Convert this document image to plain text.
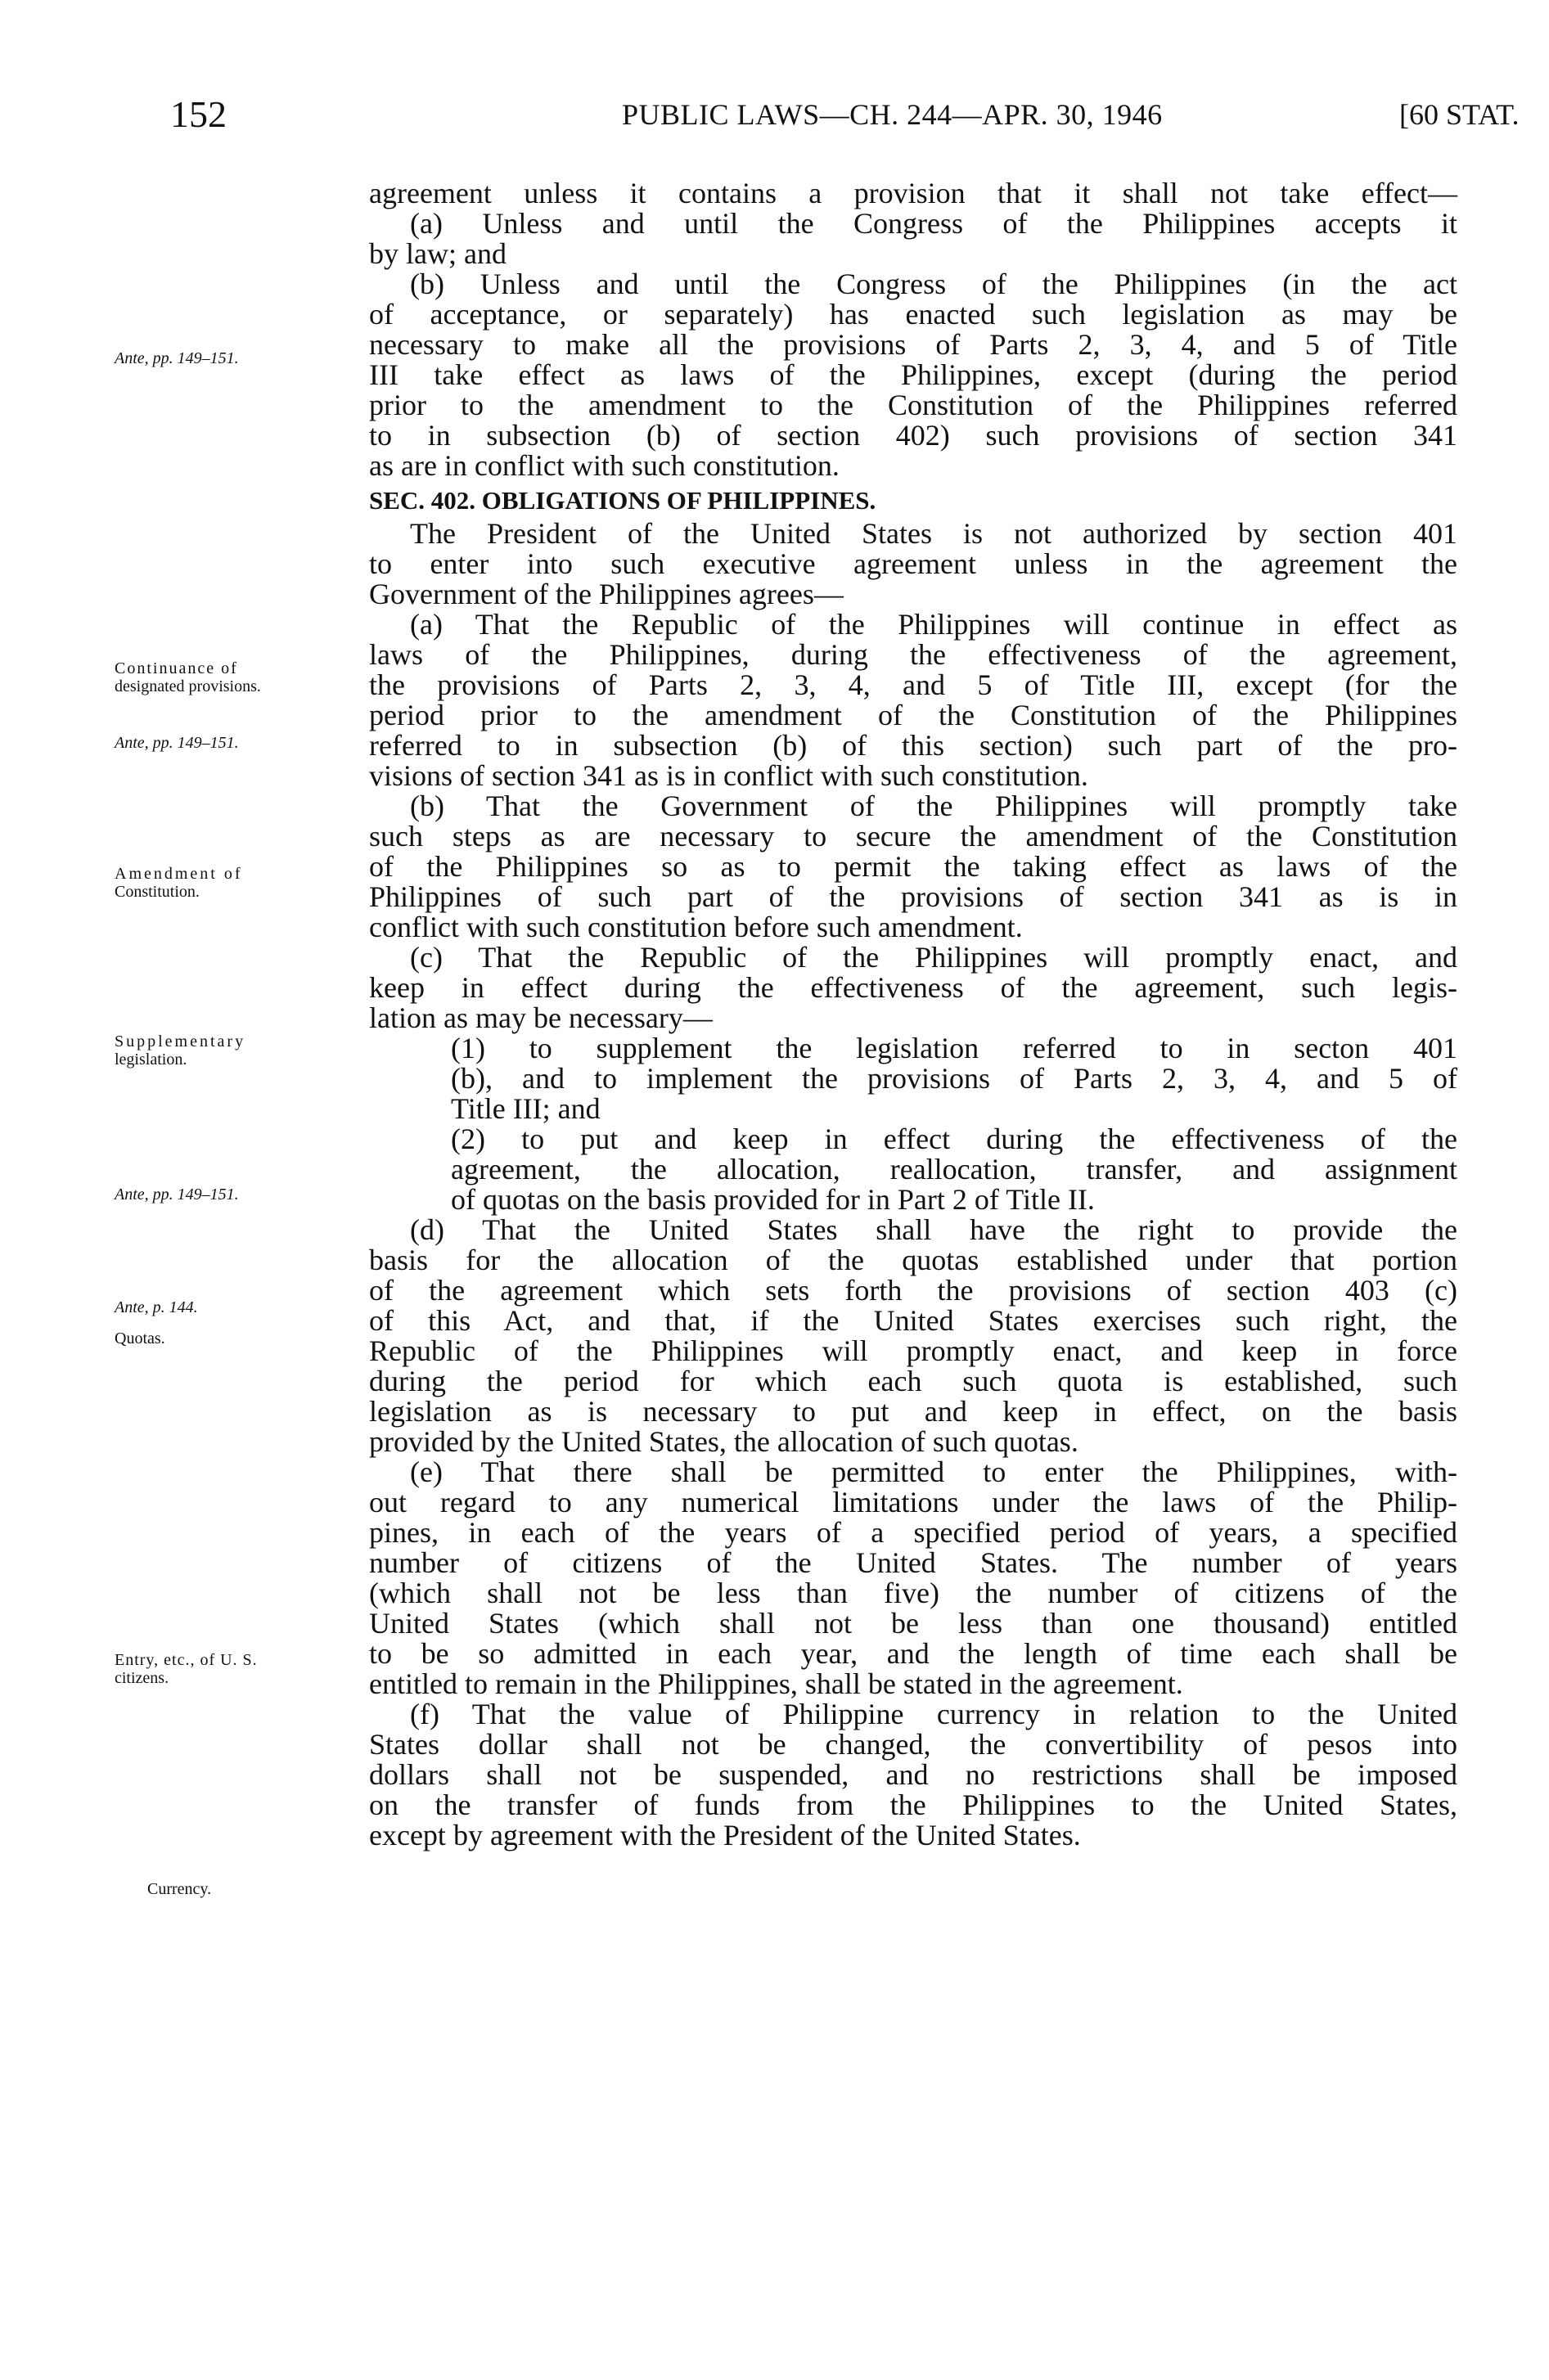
152	PUBLIC LAWS—CH. 244—APR. 30, 1946	[60 STAT.
Ante, pp. 149–151.
Continuance of
designated provisions.
Ante, pp. 149–151.
Amendment of
Constitution.
Supplementary
legislation.
Ante, pp. 149–151.
Ante, p. 144.
Quotas.
Entry, etc., of U. S.
citizens.
Currency.
agreement unless it contains a provision that it shall not take effect—
(a) Unless and until the Congress of the Philippines accepts it
by law; and
(b) Unless and until the Congress of the Philippines (in the act
of acceptance, or separately) has enacted such legislation as may be
necessary to make all the provisions of Parts 2, 3, 4, and 5 of Title
III take effect as laws of the Philippines, except (during the period
prior to the amendment to the Constitution of the Philippines referred
to in subsection (b) of section 402) such provisions of section 341
as are in conflict with such constitution.
SEC. 402. OBLIGATIONS OF PHILIPPINES.
The President of the United States is not authorized by section 401
to enter into such executive agreement unless in the agreement the
Government of the Philippines agrees—
(a) That the Republic of the Philippines will continue in effect as
laws of the Philippines, during the effectiveness of the agreement,
the provisions of Parts 2, 3, 4, and 5 of Title III, except (for the
period prior to the amendment of the Constitution of the Philippines
referred to in subsection (b) of this section) such part of the pro-
visions of section 341 as is in conflict with such constitution.
(b) That the Government of the Philippines will promptly take
such steps as are necessary to secure the amendment of the Constitution
of the Philippines so as to permit the taking effect as laws of the
Philippines of such part of the provisions of section 341 as is in
conflict with such constitution before such amendment.
(c) That the Republic of the Philippines will promptly enact, and
keep in effect during the effectiveness of the agreement, such legis-
lation as may be necessary—
(1) to supplement the legislation referred to in secton 401
(b), and to implement the provisions of Parts 2, 3, 4, and 5 of
Title III; and
(2) to put and keep in effect during the effectiveness of the
agreement, the allocation, reallocation, transfer, and assignment
of quotas on the basis provided for in Part 2 of Title II.
(d) That the United States shall have the right to provide the
basis for the allocation of the quotas established under that portion
of the agreement which sets forth the provisions of section 403 (c)
of this Act, and that, if the United States exercises such right, the
Republic of the Philippines will promptly enact, and keep in force
during the period for which each such quota is established, such
legislation as is necessary to put and keep in effect, on the basis
provided by the United States, the allocation of such quotas.
(e) That there shall be permitted to enter the Philippines, with-
out regard to any numerical limitations under the laws of the Philip-
pines, in each of the years of a specified period of years, a specified
number of citizens of the United States. The number of years
(which shall not be less than five) the number of citizens of the
United States (which shall not be less than one thousand) entitled
to be so admitted in each year, and the length of time each shall be
entitled to remain in the Philippines, shall be stated in the agreement.
(f) That the value of Philippine currency in relation to the United
States dollar shall not be changed, the convertibility of pesos into
dollars shall not be suspended, and no restrictions shall be imposed
on the transfer of funds from the Philippines to the United States,
except by agreement with the President of the United States.
